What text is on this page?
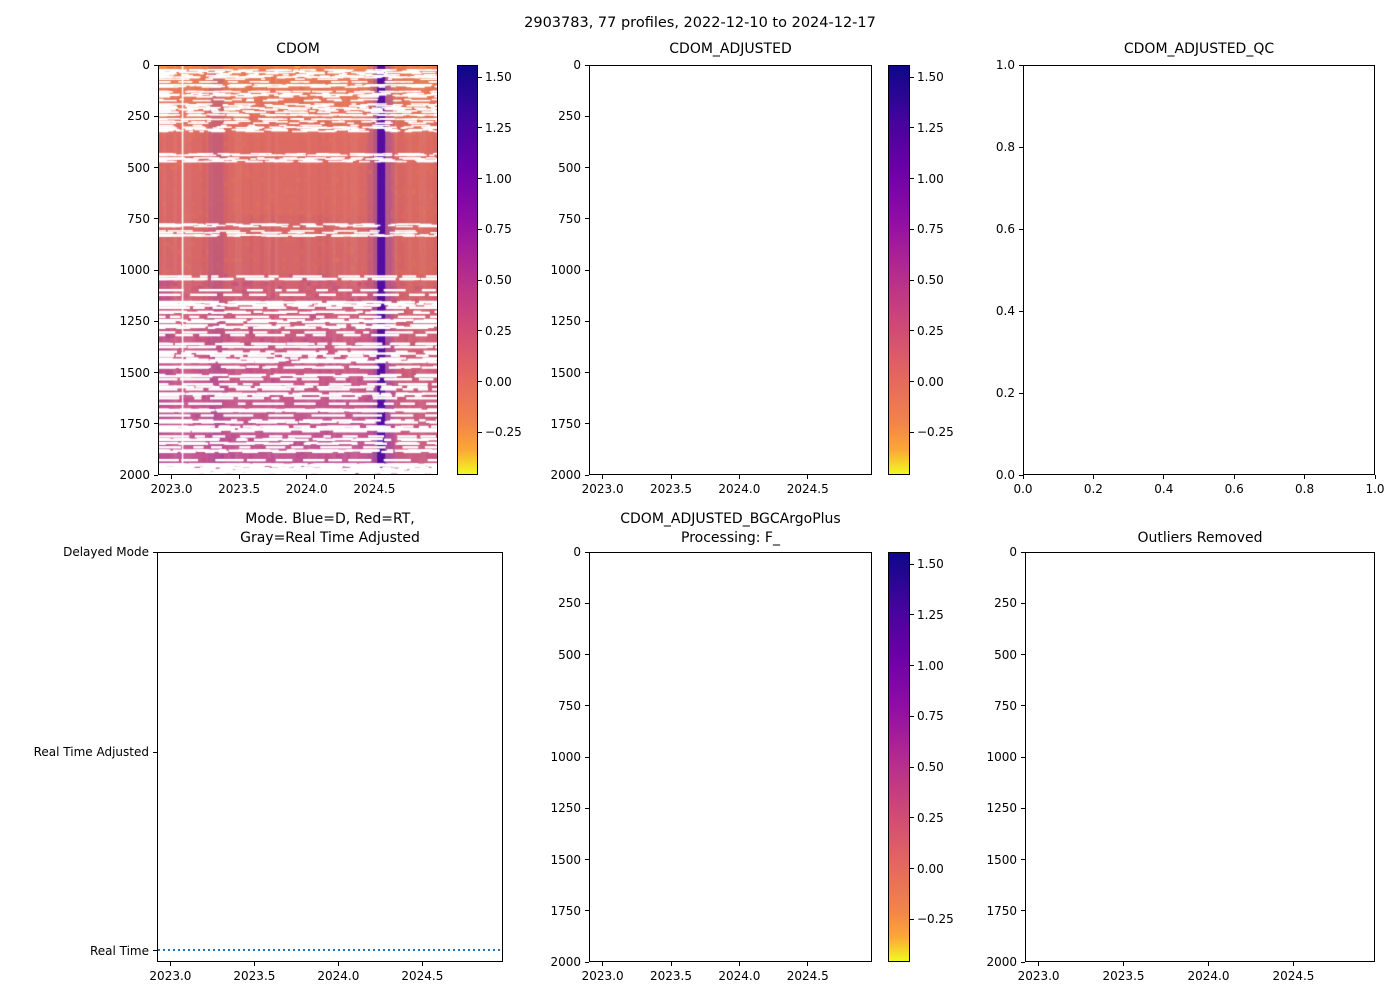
2903783, 77 profiles, 2022-12-10 to 2024-12-17
CDOM	CDOM_ADJUSTED	CDOM_ADJUSTED_QC
Mode. Blue=D, Red=RT,
Gray=Real Time Adjusted
CDOM_ADJUSTED_BGCArgoPlus
Processing: F_	Outliers Removed
0
250
500
750
1000
1250
1500
1750
2000
2023.0	2023.5	2024.0	2024.5
1.50
1.25
1.00
0.75
0.50
0.25
0.00
−0.25
0
250
500
750
1000
1250
1500
1750
2000
2023.0	2023.5	2024.0	2024.5
1.50
1.25
1.00
0.75
0.50
0.25
0.00
−0.25
1.0
0.8
0.6
0.4
0.2
0.0
0.0	0.2	0.4	0.6	0.8	1.0
Delayed Mode
Real Time Adjusted
Real Time
2023.0	2023.5	2024.0	2024.5
0
250
500
750
1000
1250
1500
1750
2000
2023.0	2023.5	2024.0	2024.5
1.50
1.25
1.00
0.75
0.50
0.25
0.00
−0.25
0
250
500
750
1000
1250
1500
1750
2000
2023.0	2023.5	2024.0	2024.5
